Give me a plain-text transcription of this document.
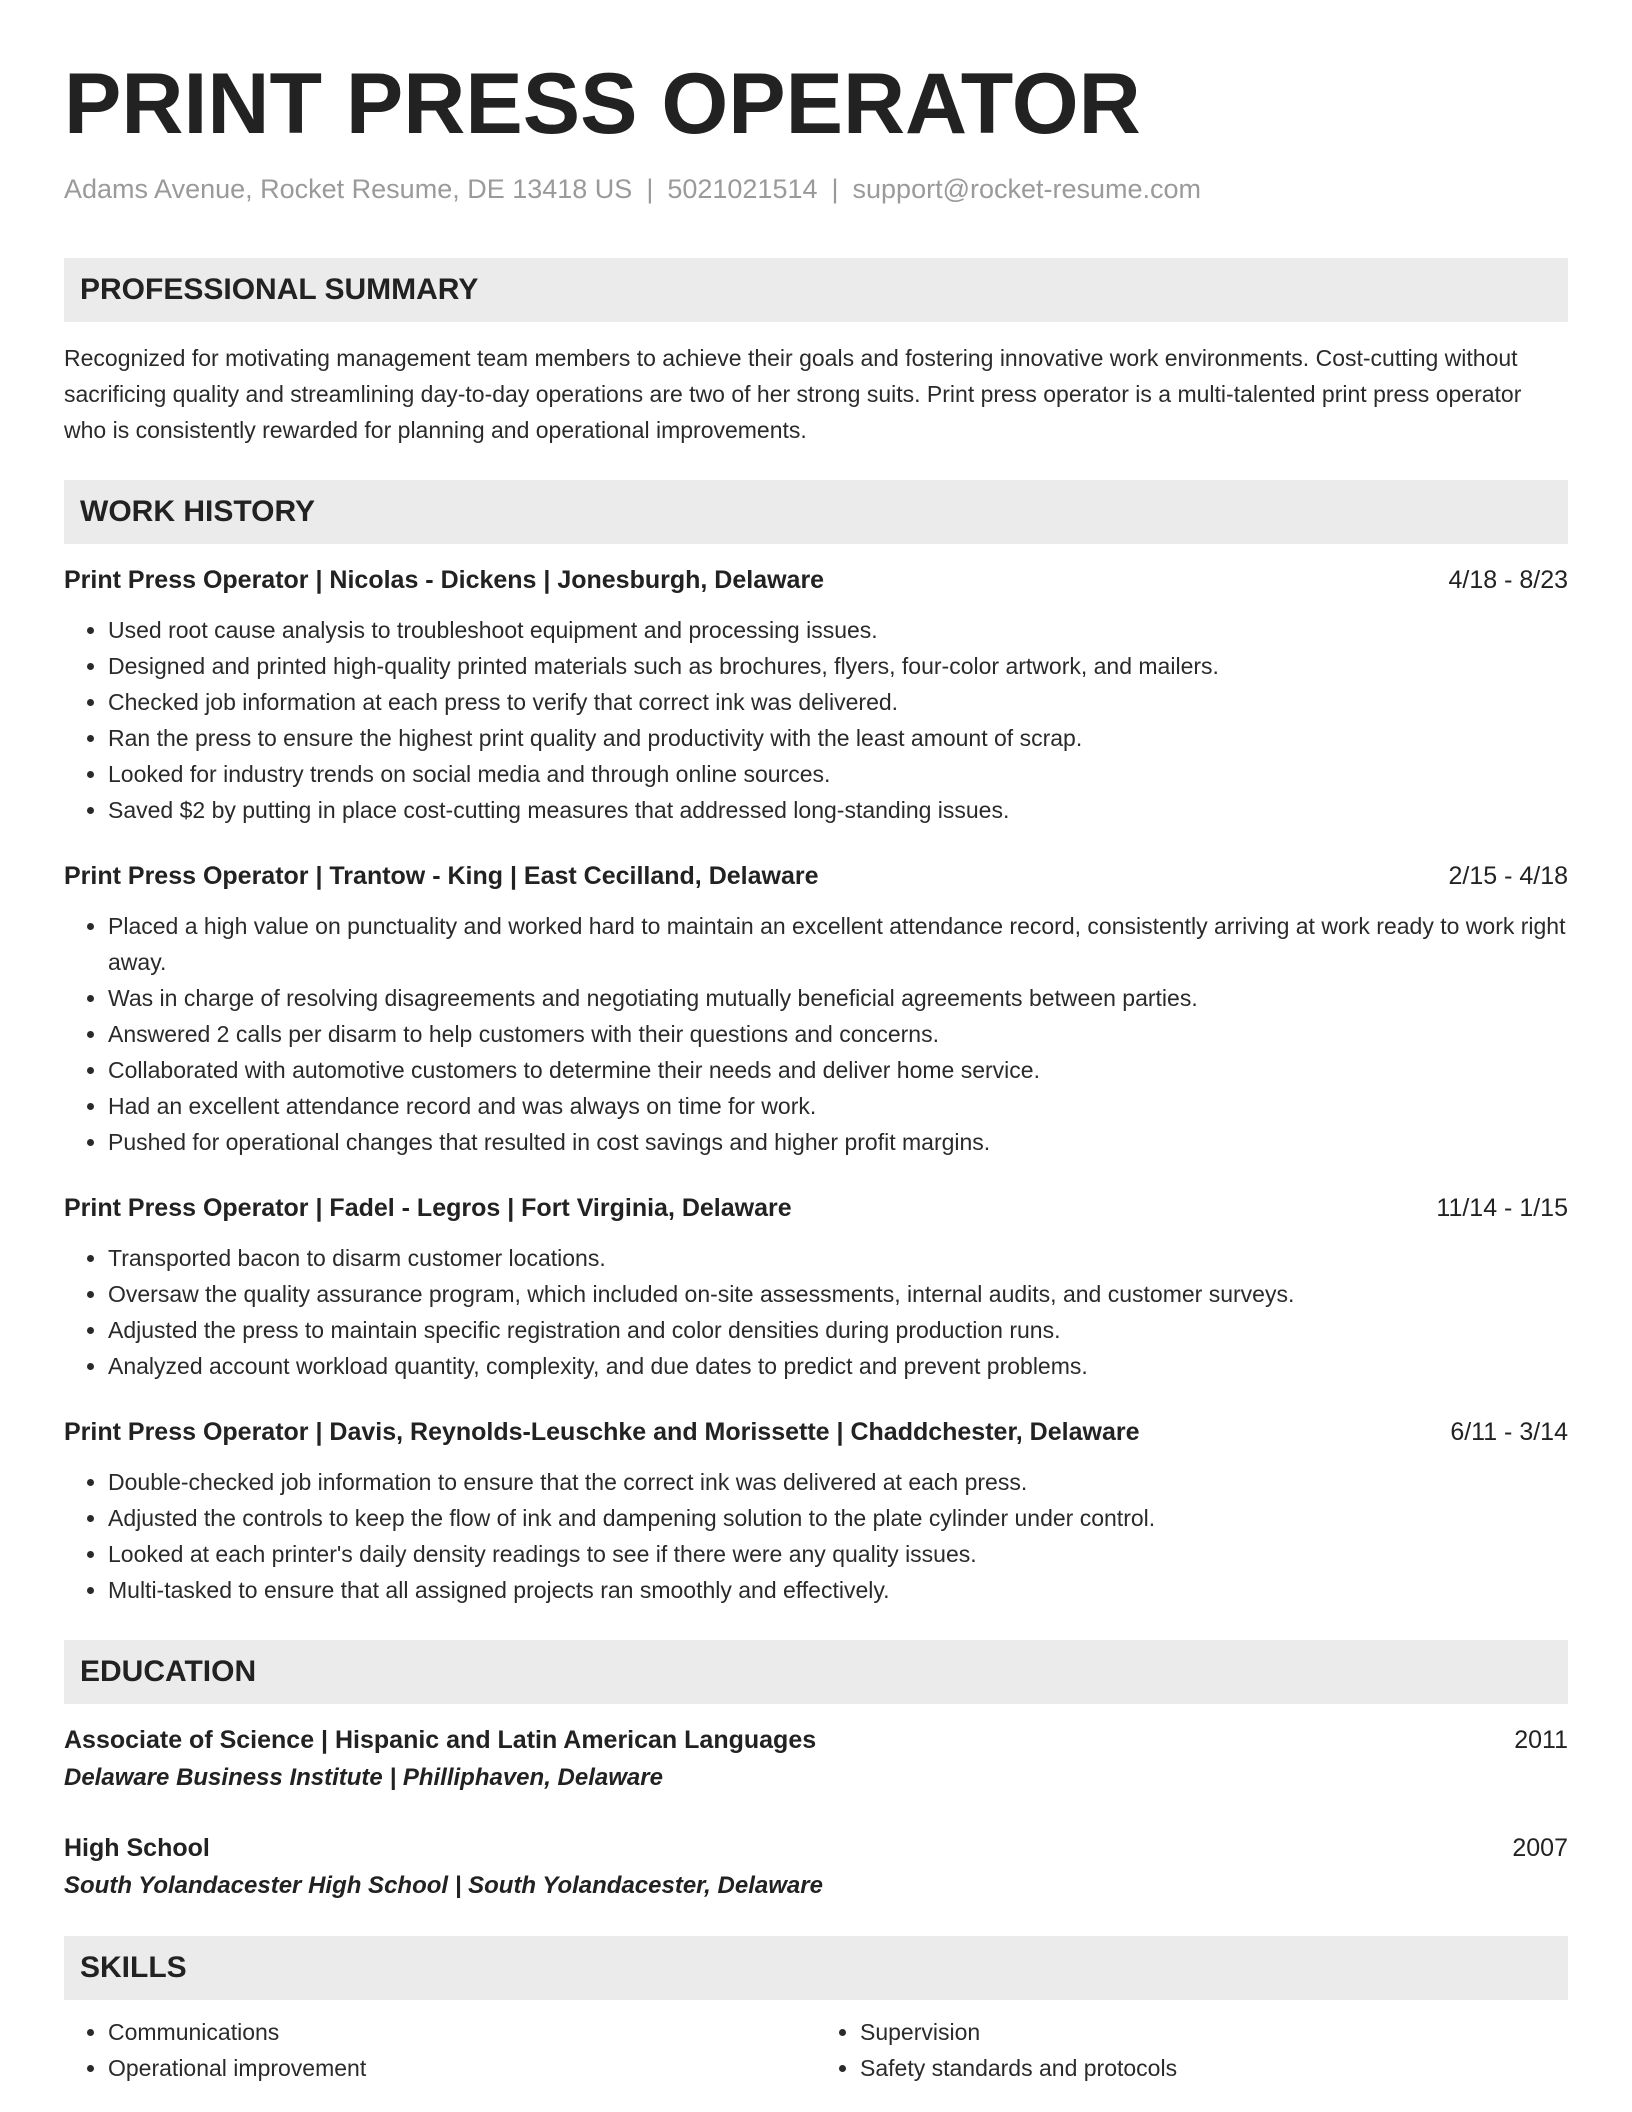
PRINT PRESS OPERATOR
Adams Avenue, Rocket Resume, DE 13418 US | 5021021514 | support@rocket-resume.com
PROFESSIONAL SUMMARY
Recognized for motivating management team members to achieve their goals and fostering innovative work environments. Cost-cutting without sacrificing quality and streamlining day-to-day operations are two of her strong suits. Print press operator is a multi-talented print press operator who is consistently rewarded for planning and operational improvements.
WORK HISTORY
Print Press Operator | Nicolas - Dickens | Jonesburgh, Delaware	4/18 - 8/23
• Used root cause analysis to troubleshoot equipment and processing issues.
• Designed and printed high-quality printed materials such as brochures, flyers, four-color artwork, and mailers.
• Checked job information at each press to verify that correct ink was delivered.
• Ran the press to ensure the highest print quality and productivity with the least amount of scrap.
• Looked for industry trends on social media and through online sources.
• Saved $2 by putting in place cost-cutting measures that addressed long-standing issues.
Print Press Operator | Trantow - King | East Cecilland, Delaware	2/15 - 4/18
• Placed a high value on punctuality and worked hard to maintain an excellent attendance record, consistently arriving at work ready to work right away.
• Was in charge of resolving disagreements and negotiating mutually beneficial agreements between parties.
• Answered 2 calls per disarm to help customers with their questions and concerns.
• Collaborated with automotive customers to determine their needs and deliver home service.
• Had an excellent attendance record and was always on time for work.
• Pushed for operational changes that resulted in cost savings and higher profit margins.
Print Press Operator | Fadel - Legros | Fort Virginia, Delaware	11/14 - 1/15
• Transported bacon to disarm customer locations.
• Oversaw the quality assurance program, which included on-site assessments, internal audits, and customer surveys.
• Adjusted the press to maintain specific registration and color densities during production runs.
• Analyzed account workload quantity, complexity, and due dates to predict and prevent problems.
Print Press Operator | Davis, Reynolds-Leuschke and Morissette | Chaddchester, Delaware	6/11 - 3/14
• Double-checked job information to ensure that the correct ink was delivered at each press.
• Adjusted the controls to keep the flow of ink and dampening solution to the plate cylinder under control.
• Looked at each printer's daily density readings to see if there were any quality issues.
• Multi-tasked to ensure that all assigned projects ran smoothly and effectively.
EDUCATION
Associate of Science | Hispanic and Latin American Languages	2011
Delaware Business Institute | Philliphaven, Delaware
High School	2007
South Yolandacester High School | South Yolandacester, Delaware
SKILLS
• Communications
• Operational improvement
• Supervision
• Safety standards and protocols
